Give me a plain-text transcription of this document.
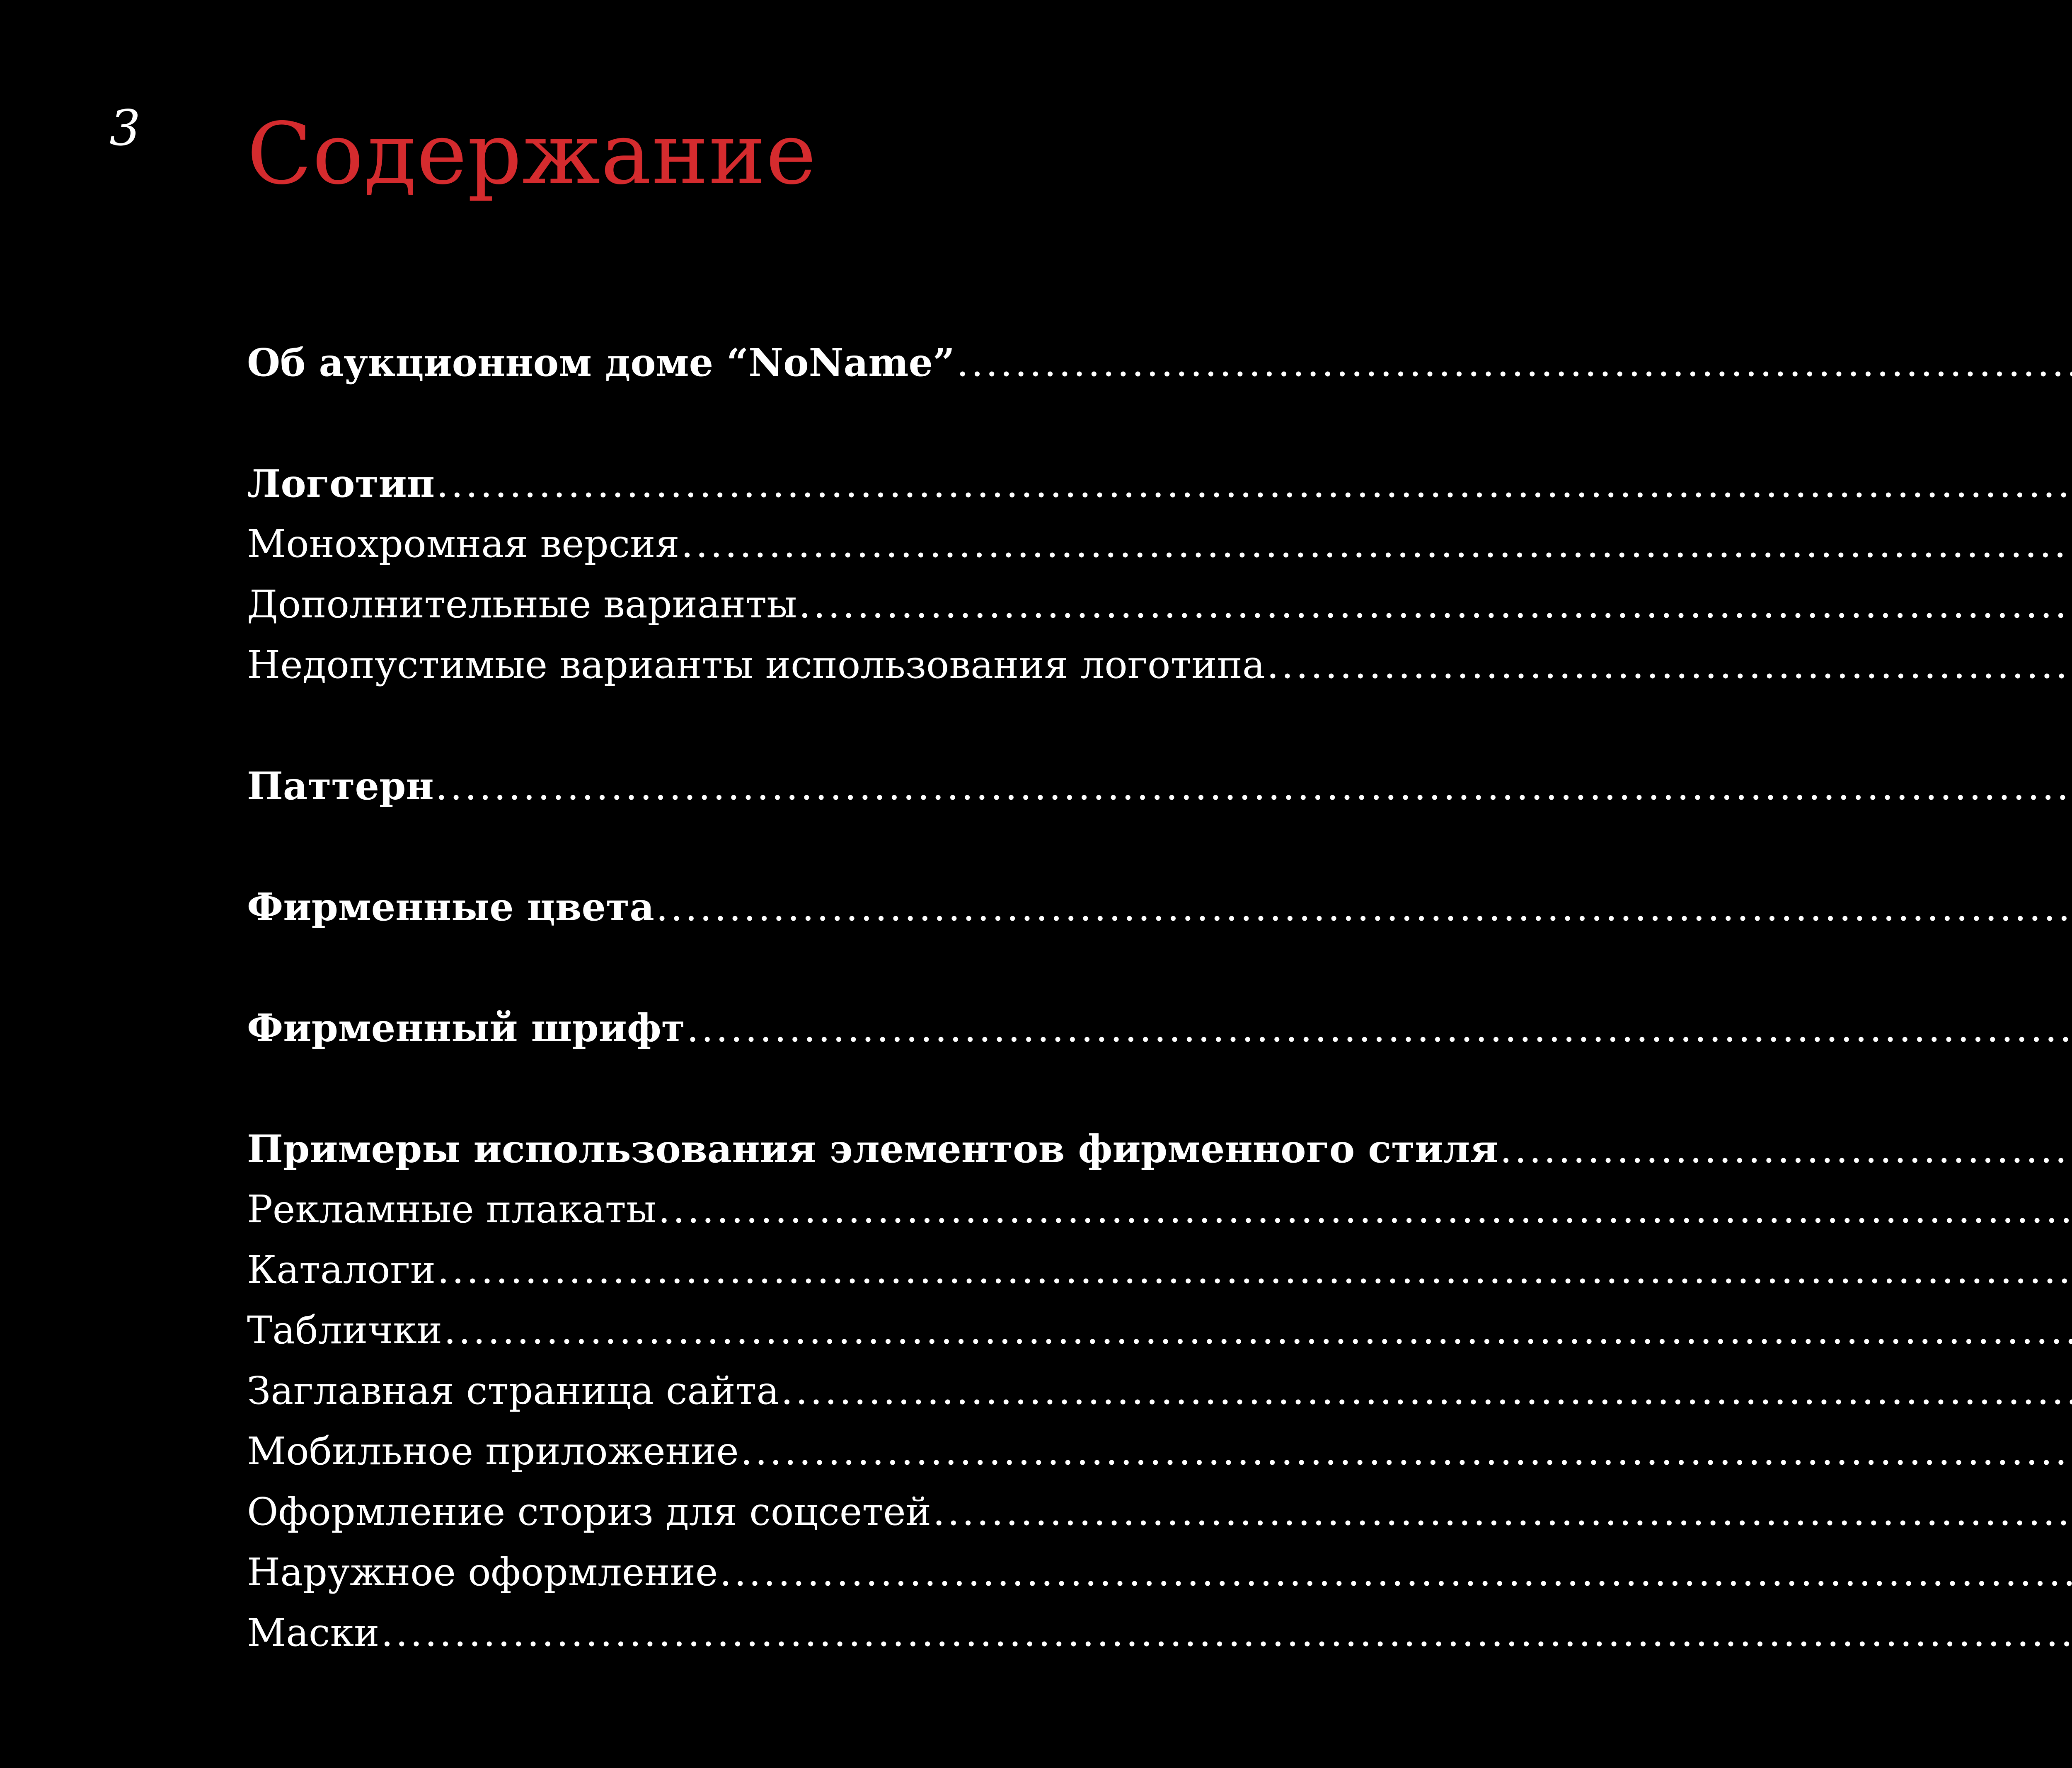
3 Содержание
Об аукционном доме “NoName”
.....
Логотип
.....
Монохромная версия
.....
Дополнительные варианты
.....
Недопустимые варианты использования логотипа
.....
Паттерн
.....
Фирменные цвета
.....
Фирменный шрифт
.....
Примеры использования элементов фирменного стиля
.....
Рекламные плакаты
.....
Каталоги
.....
Таблички
.....
Заглавная страница сайта
.....
Мобильное приложение
.....
Оформление сториз для соцсетей
.....
Наружное оформление
.....
Маски
.....
